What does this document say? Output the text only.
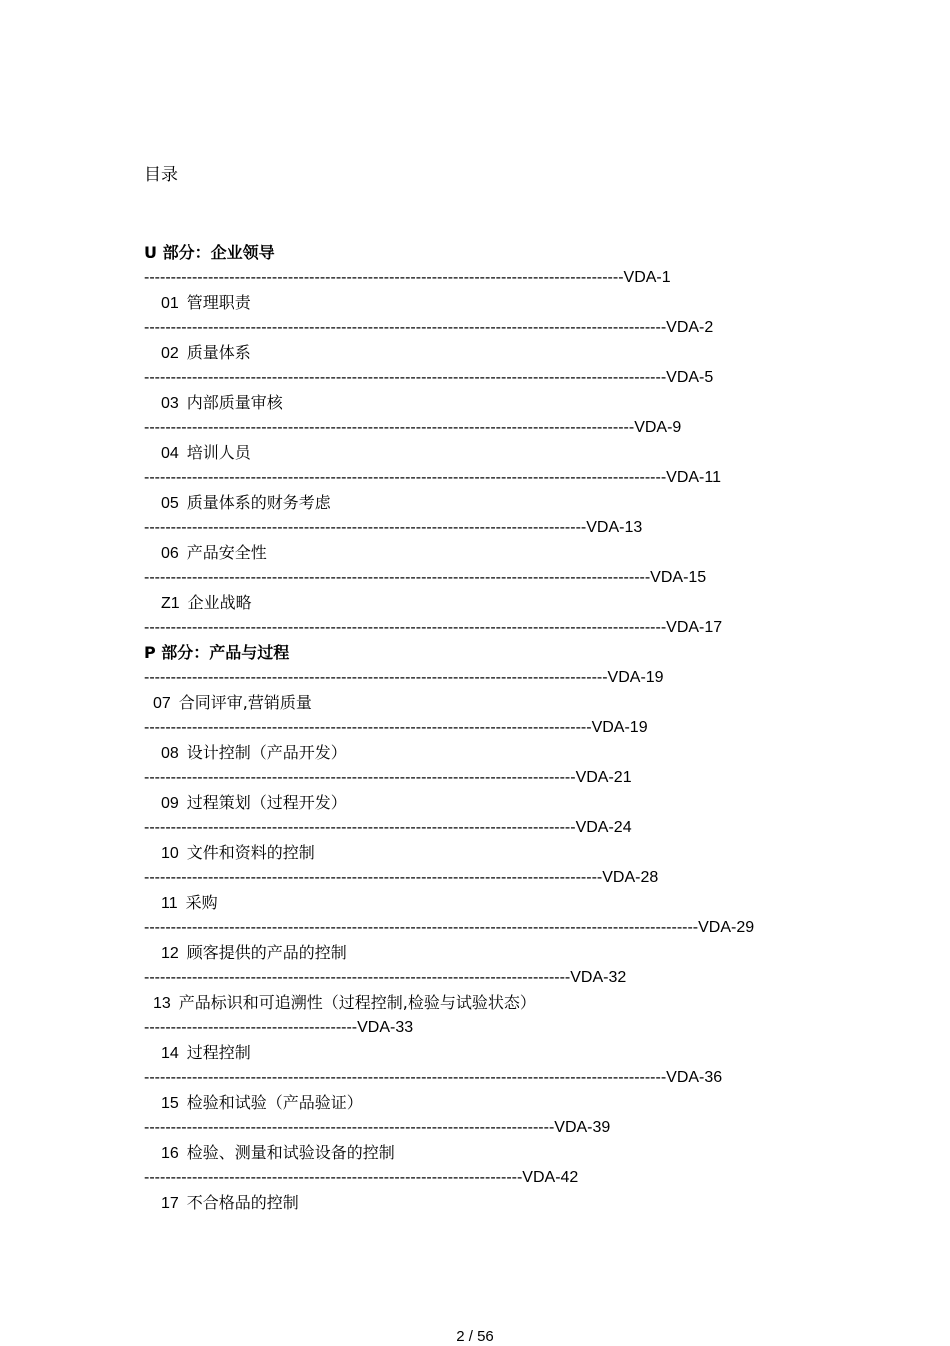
目录
U 部分：企业领导
------------------------------------------------------------------------------------------VDA-1
01 管理职责
--------------------------------------------------------------------------------------------------VDA-2
02 质量体系
--------------------------------------------------------------------------------------------------VDA-5
03 内部质量审核
--------------------------------------------------------------------------------------------VDA-9
04 培训人员
--------------------------------------------------------------------------------------------------VDA-11
05 质量体系的财务考虑
-----------------------------------------------------------------------------------VDA-13
06 产品安全性
-----------------------------------------------------------------------------------------------VDA-15
Z1 企业战略
--------------------------------------------------------------------------------------------------VDA-17
P 部分：产品与过程
---------------------------------------------------------------------------------------VDA-19
07 合同评审,营销质量
------------------------------------------------------------------------------------VDA-19
08 设计控制（产品开发）
---------------------------------------------------------------------------------VDA-21
09 过程策划（过程开发）
---------------------------------------------------------------------------------VDA-24
10 文件和资料的控制
--------------------------------------------------------------------------------------VDA-28
11 采购
--------------------------------------------------------------------------------------------------------VDA-29
12 顾客提供的产品的控制
--------------------------------------------------------------------------------VDA-32
13 产品标识和可追溯性（过程控制,检验与试验状态）
----------------------------------------VDA-33
14 过程控制
--------------------------------------------------------------------------------------------------VDA-36
15 检验和试验（产品验证）
-----------------------------------------------------------------------------VDA-39
16 检验、测量和试验设备的控制
-----------------------------------------------------------------------VDA-42
17 不合格品的控制
2 / 56
